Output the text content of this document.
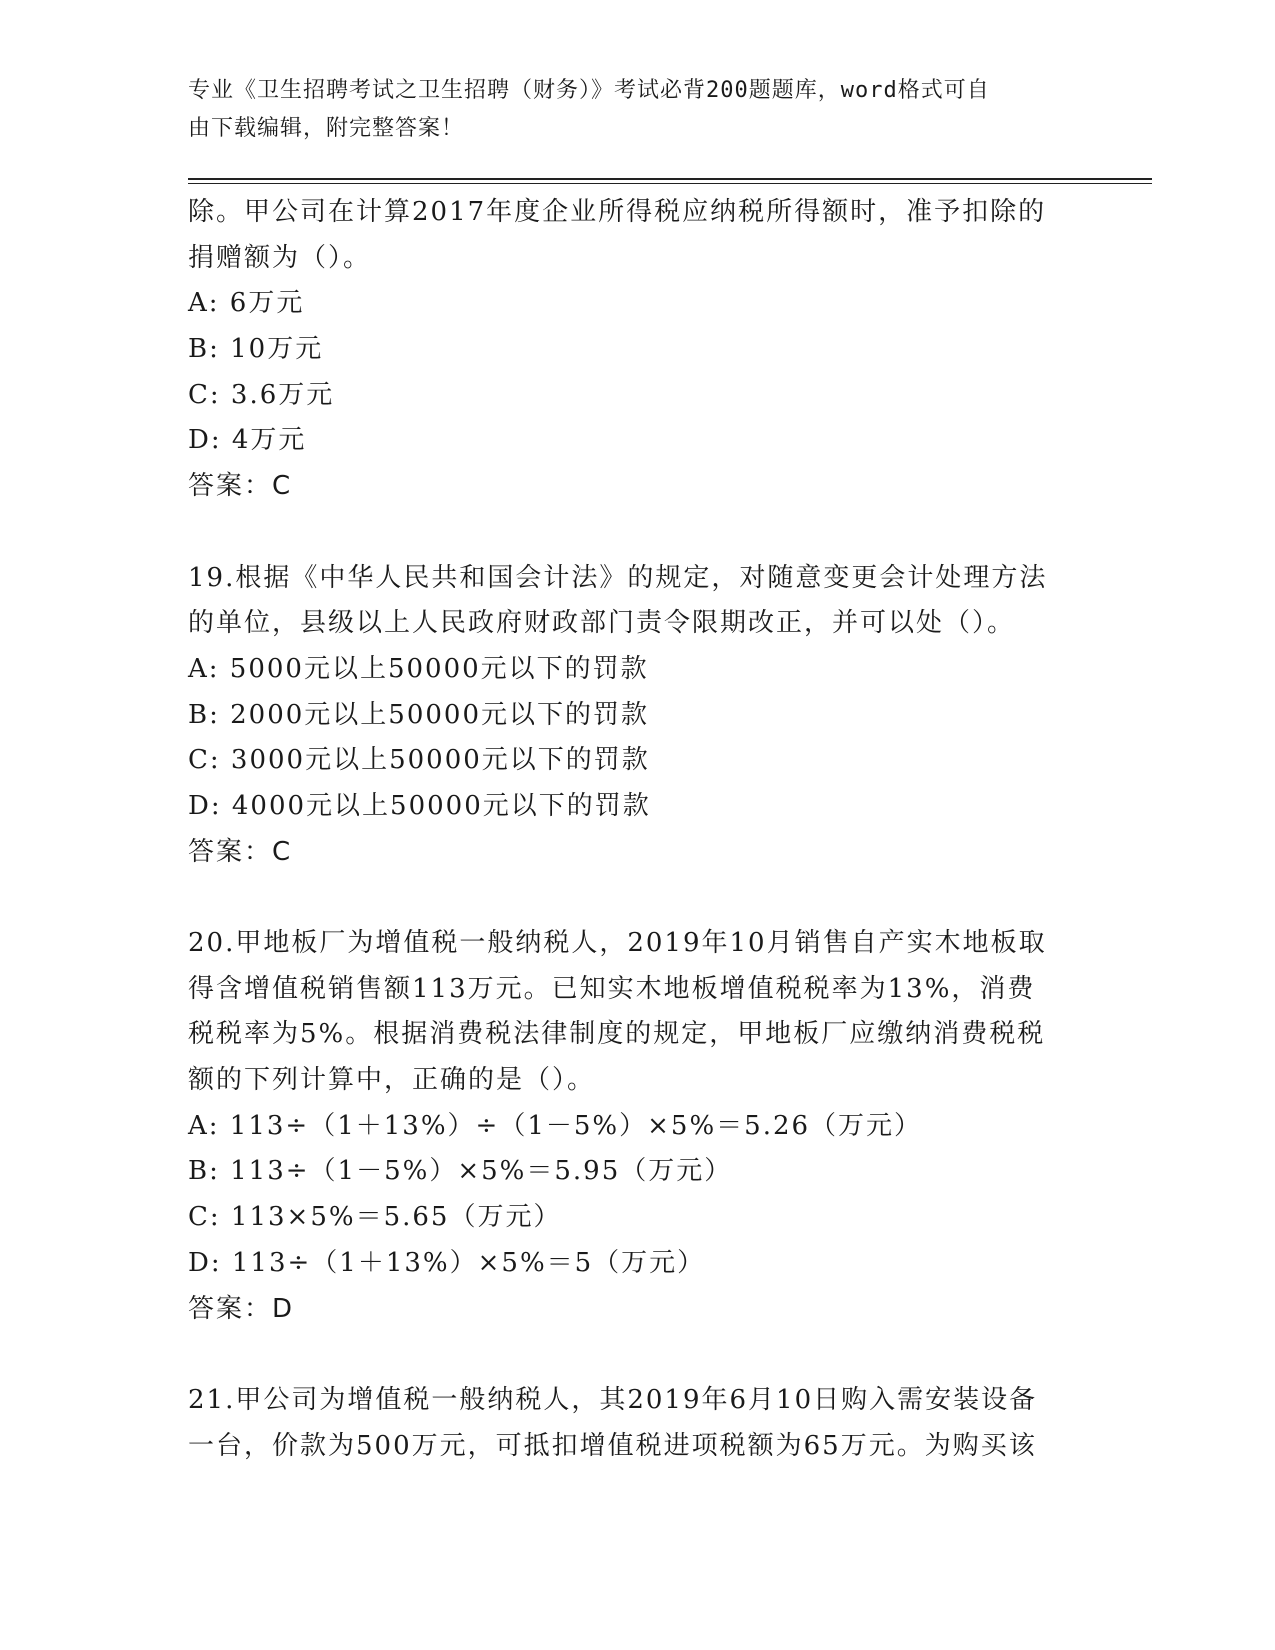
专业《卫生招聘考试之卫生招聘（财务）》考试必背200题题库，word格式可自
由下载编辑，附完整答案！
除。甲公司在计算2017年度企业所得税应纳税所得额时，准予扣除的
捐赠额为（）。
A: 6万元
B: 10万元
C: 3.6万元
D: 4万元
答案：C
19.根据《中华人民共和国会计法》的规定，对随意变更会计处理方法
的单位，县级以上人民政府财政部门责令限期改正，并可以处（）。
A: 5000元以上50000元以下的罚款
B: 2000元以上50000元以下的罚款
C: 3000元以上50000元以下的罚款
D: 4000元以上50000元以下的罚款
答案：C
20.甲地板厂为增值税一般纳税人，2019年10月销售自产实木地板取
得含增值税销售额113万元。已知实木地板增值税税率为13%，消费
税税率为5%。根据消费税法律制度的规定，甲地板厂应缴纳消费税税
额的下列计算中，正确的是（）。
A: 113÷（1＋13%）÷（1－5%）×5%＝5.26（万元）
B: 113÷（1－5%）×5%＝5.95（万元）
C: 113×5%＝5.65（万元）
D: 113÷（1＋13%）×5%＝5（万元）
答案：D
21.甲公司为增值税一般纳税人，其2019年6月10日购入需安装设备
一台，价款为500万元，可抵扣增值税进项税额为65万元。为购买该
